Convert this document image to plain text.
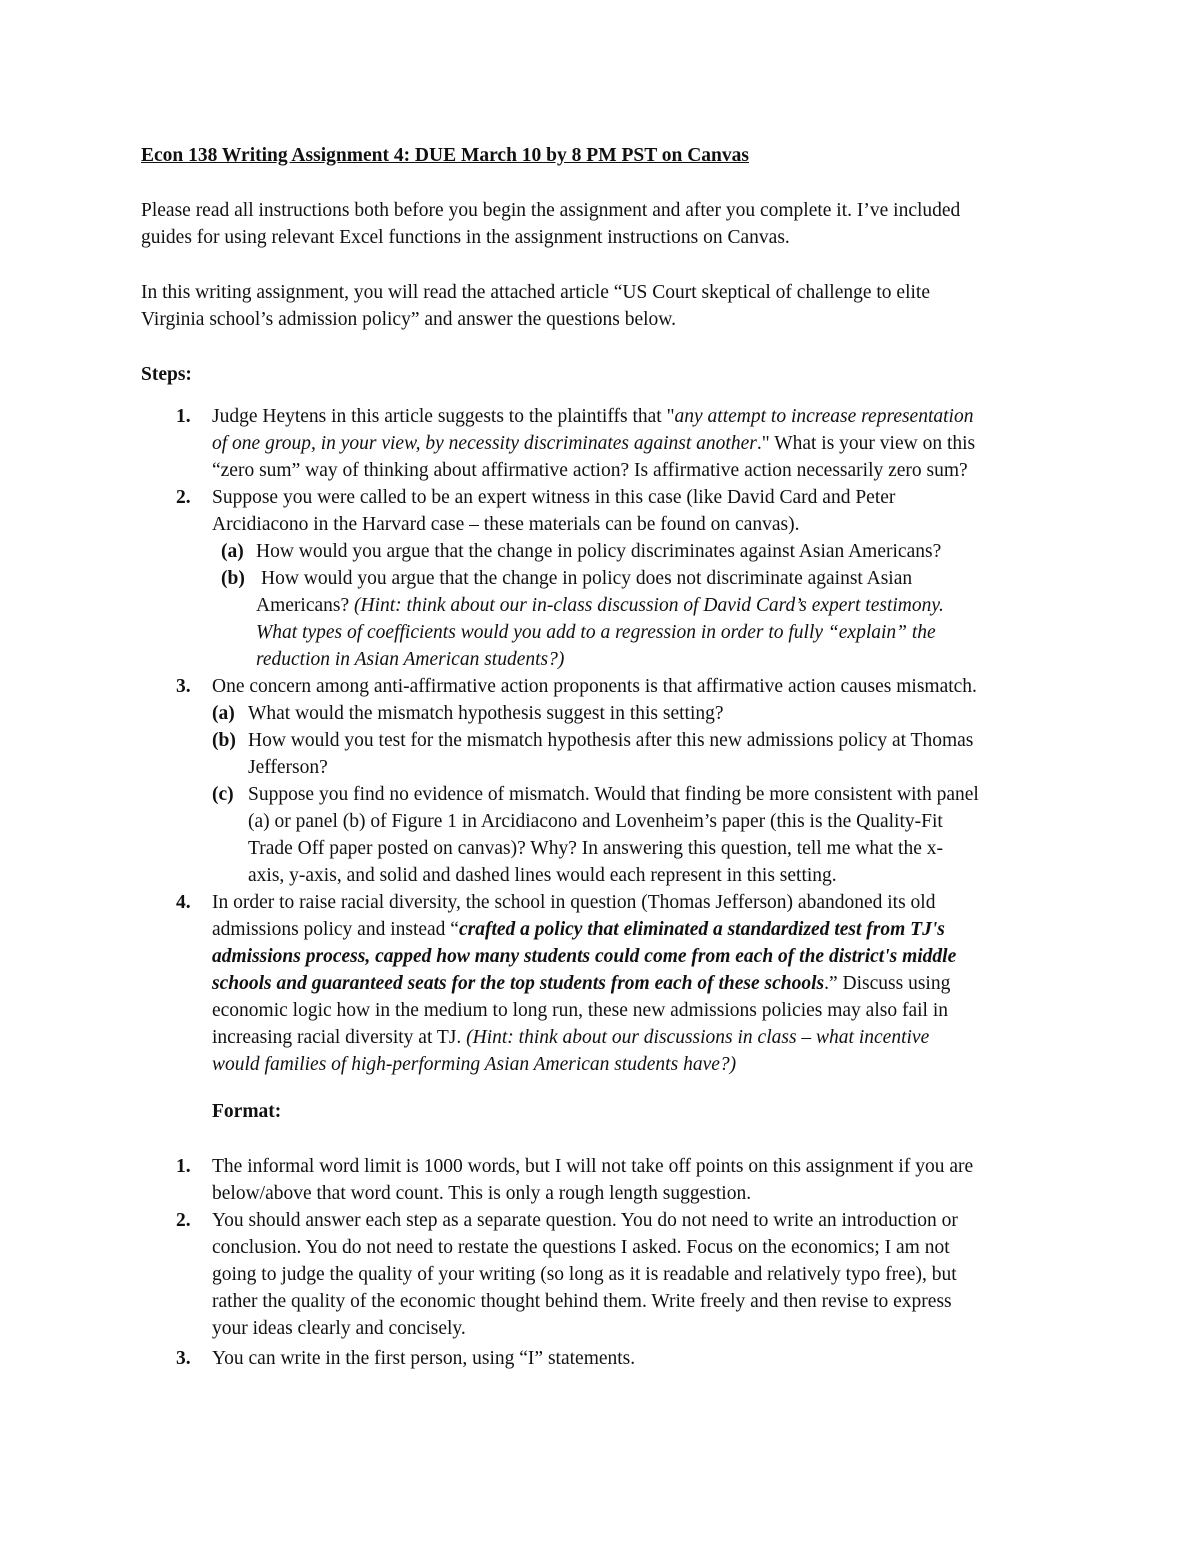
Econ 138 Writing Assignment 4: DUE March 10 by 8 PM PST on Canvas
Please read all instructions both before you begin the assignment and after you complete it. I’ve included
guides for using relevant Excel functions in the assignment instructions on Canvas.
In this writing assignment, you will read the attached article “US Court skeptical of challenge to elite
Virginia school’s admission policy” and answer the questions below.
Steps:
1. Judge Heytens in this article suggests to the plaintiffs that "any attempt to increase representation
of one group, in your view, by necessity discriminates against another." What is your view on this
“zero sum” way of thinking about affirmative action? Is affirmative action necessarily zero sum?
2. Suppose you were called to be an expert witness in this case (like David Card and Peter
Arcidiacono in the Harvard case – these materials can be found on canvas).
(a) How would you argue that the change in policy discriminates against Asian Americans?
(b) How would you argue that the change in policy does not discriminate against Asian
Americans? (Hint: think about our in-class discussion of David Card’s expert testimony.
What types of coefficients would you add to a regression in order to fully “explain” the
reduction in Asian American students?)
3. One concern among anti-affirmative action proponents is that affirmative action causes mismatch.
(a) What would the mismatch hypothesis suggest in this setting?
(b) How would you test for the mismatch hypothesis after this new admissions policy at Thomas
Jefferson?
(c) Suppose you find no evidence of mismatch. Would that finding be more consistent with panel
(a) or panel (b) of Figure 1 in Arcidiacono and Lovenheim’s paper (this is the Quality-Fit
Trade Off paper posted on canvas)? Why? In answering this question, tell me what the x-
axis, y-axis, and solid and dashed lines would each represent in this setting.
4. In order to raise racial diversity, the school in question (Thomas Jefferson) abandoned its old
admissions policy and instead “crafted a policy that eliminated a standardized test from TJ's
admissions process, capped how many students could come from each of the district's middle
schools and guaranteed seats for the top students from each of these schools.” Discuss using
economic logic how in the medium to long run, these new admissions policies may also fail in
increasing racial diversity at TJ. (Hint: think about our discussions in class – what incentive
would families of high-performing Asian American students have?)
Format:
1. The informal word limit is 1000 words, but I will not take off points on this assignment if you are
below/above that word count. This is only a rough length suggestion.
2. You should answer each step as a separate question. You do not need to write an introduction or
conclusion. You do not need to restate the questions I asked. Focus on the economics; I am not
going to judge the quality of your writing (so long as it is readable and relatively typo free), but
rather the quality of the economic thought behind them. Write freely and then revise to express
your ideas clearly and concisely.
3. You can write in the first person, using “I” statements.
